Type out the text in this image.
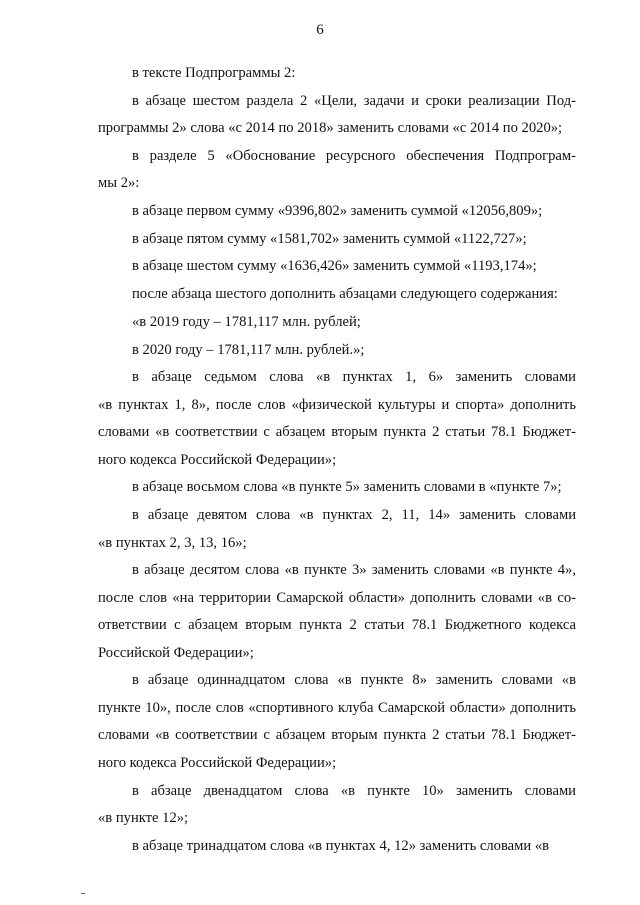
6
в тексте Подпрограммы 2:
в абзаце шестом раздела 2 «Цели, задачи и сроки реализации Под-
программы 2» слова «с 2014 по 2018» заменить словами «с 2014 по 2020»;
в разделе 5 «Обоснование ресурсного обеспечения Подпрограм-
мы 2»:
в абзаце первом сумму «9396,802» заменить суммой «12056,809»;
в абзаце пятом сумму «1581,702» заменить суммой «1122,727»;
в абзаце шестом сумму «1636,426» заменить суммой «1193,174»;
после абзаца шестого дополнить абзацами следующего содержания:
«в 2019 году – 1781,117 млн. рублей;
в 2020 году – 1781,117 млн. рублей.»;
в абзаце седьмом слова «в пунктах 1, 6» заменить словами
«в пунктах 1, 8», после слов «физической культуры и спорта» дополнить
словами «в соответствии с абзацем вторым пункта 2 статьи 78.1 Бюджет-
ного кодекса Российской Федерации»;
в абзаце восьмом слова «в пункте 5» заменить словами в «пункте 7»;
в абзаце девятом слова «в пунктах 2, 11, 14» заменить словами
«в пунктах 2, 3, 13, 16»;
в абзаце десятом слова «в пункте 3» заменить словами «в пункте 4»,
после слов «на территории Самарской области» дополнить словами «в со-
ответствии с абзацем вторым пункта 2 статьи 78.1 Бюджетного кодекса
Российской Федерации»;
в абзаце одиннадцатом слова «в пункте 8» заменить словами «в
пункте 10», после слов «спортивного клуба Самарской области» дополнить
словами «в соответствии с абзацем вторым пункта 2 статьи 78.1 Бюджет-
ного кодекса Российской Федерации»;
в абзаце двенадцатом слова «в пункте 10» заменить словами
«в пункте 12»;
в абзаце тринадцатом слова «в пунктах 4, 12» заменить словами «в
